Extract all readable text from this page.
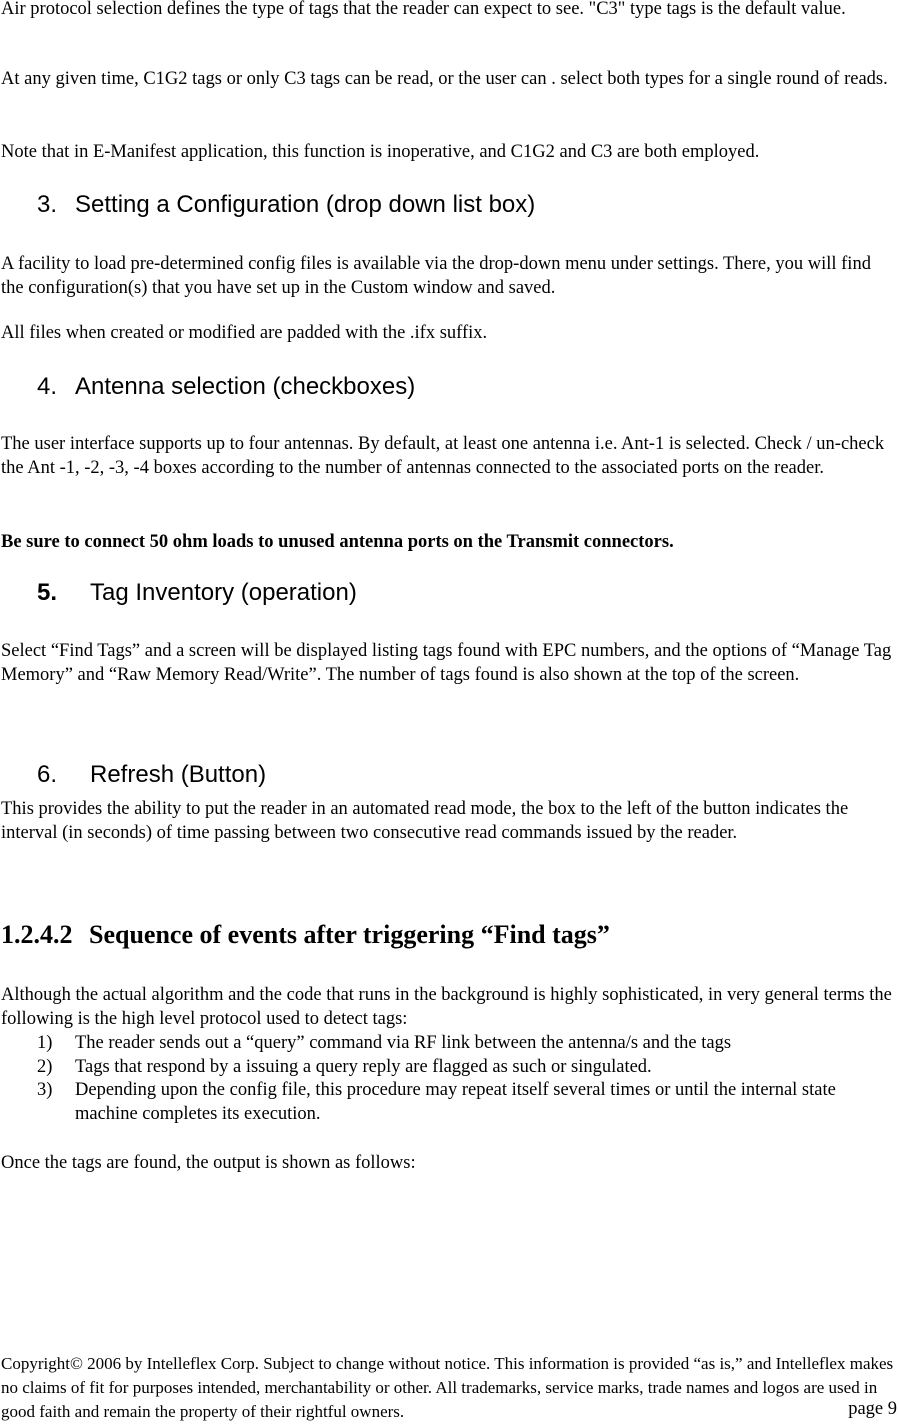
Air protocol selection defines the type of tags that the reader can expect to see. "C3" type tags is the default value.

At any given time, C1G2 tags or only C3 tags can be read, or the user can . select both types for a single round of reads.

Note that in E-Manifest application, this function is inoperative, and C1G2 and C3 are both employed.

3. Setting a Configuration (drop down list box)

A facility to load pre-determined config files is available via the drop-down menu under settings. There, you will find the configuration(s) that you have set up in the Custom window and saved.

All files when created or modified are padded with the .ifx suffix.

4. Antenna selection (checkboxes)

The user interface supports up to four antennas. By default, at least one antenna i.e. Ant-1 is selected. Check / un-check the Ant -1, -2, -3, -4 boxes according to the number of antennas connected to the associated ports on the reader.

Be sure to connect 50 ohm loads to unused antenna ports on the Transmit connectors.

5. Tag Inventory (operation)

Select “Find Tags” and a screen will be displayed listing tags found with EPC numbers, and the options of “Manage Tag Memory” and “Raw Memory Read/Write”. The number of tags found is also shown at the top of the screen.

6. Refresh (Button)

This provides the ability to put the reader in an automated read mode, the box to the left of the button indicates the interval (in seconds) of time passing between two consecutive read commands issued by the reader.

1.2.4.2 Sequence of events after triggering “Find tags”

Although the actual algorithm and the code that runs in the background is highly sophisticated, in very general terms the following is the high level protocol used to detect tags:

1) The reader sends out a “query” command via RF link between the antenna/s and the tags
2) Tags that respond by a issuing a query reply are flagged as such or singulated.
3) Depending upon the config file, this procedure may repeat itself several times or until the internal state machine completes its execution.

Once the tags are found, the output is shown as follows:

Copyright© 2006 by Intelleflex Corp. Subject to change without notice. This information is provided “as is,” and Intelleflex makes no claims of fit for purposes intended, merchantability or other. All trademarks, service marks, trade names and logos are used in good faith and remain the property of their rightful owners.	page 9
